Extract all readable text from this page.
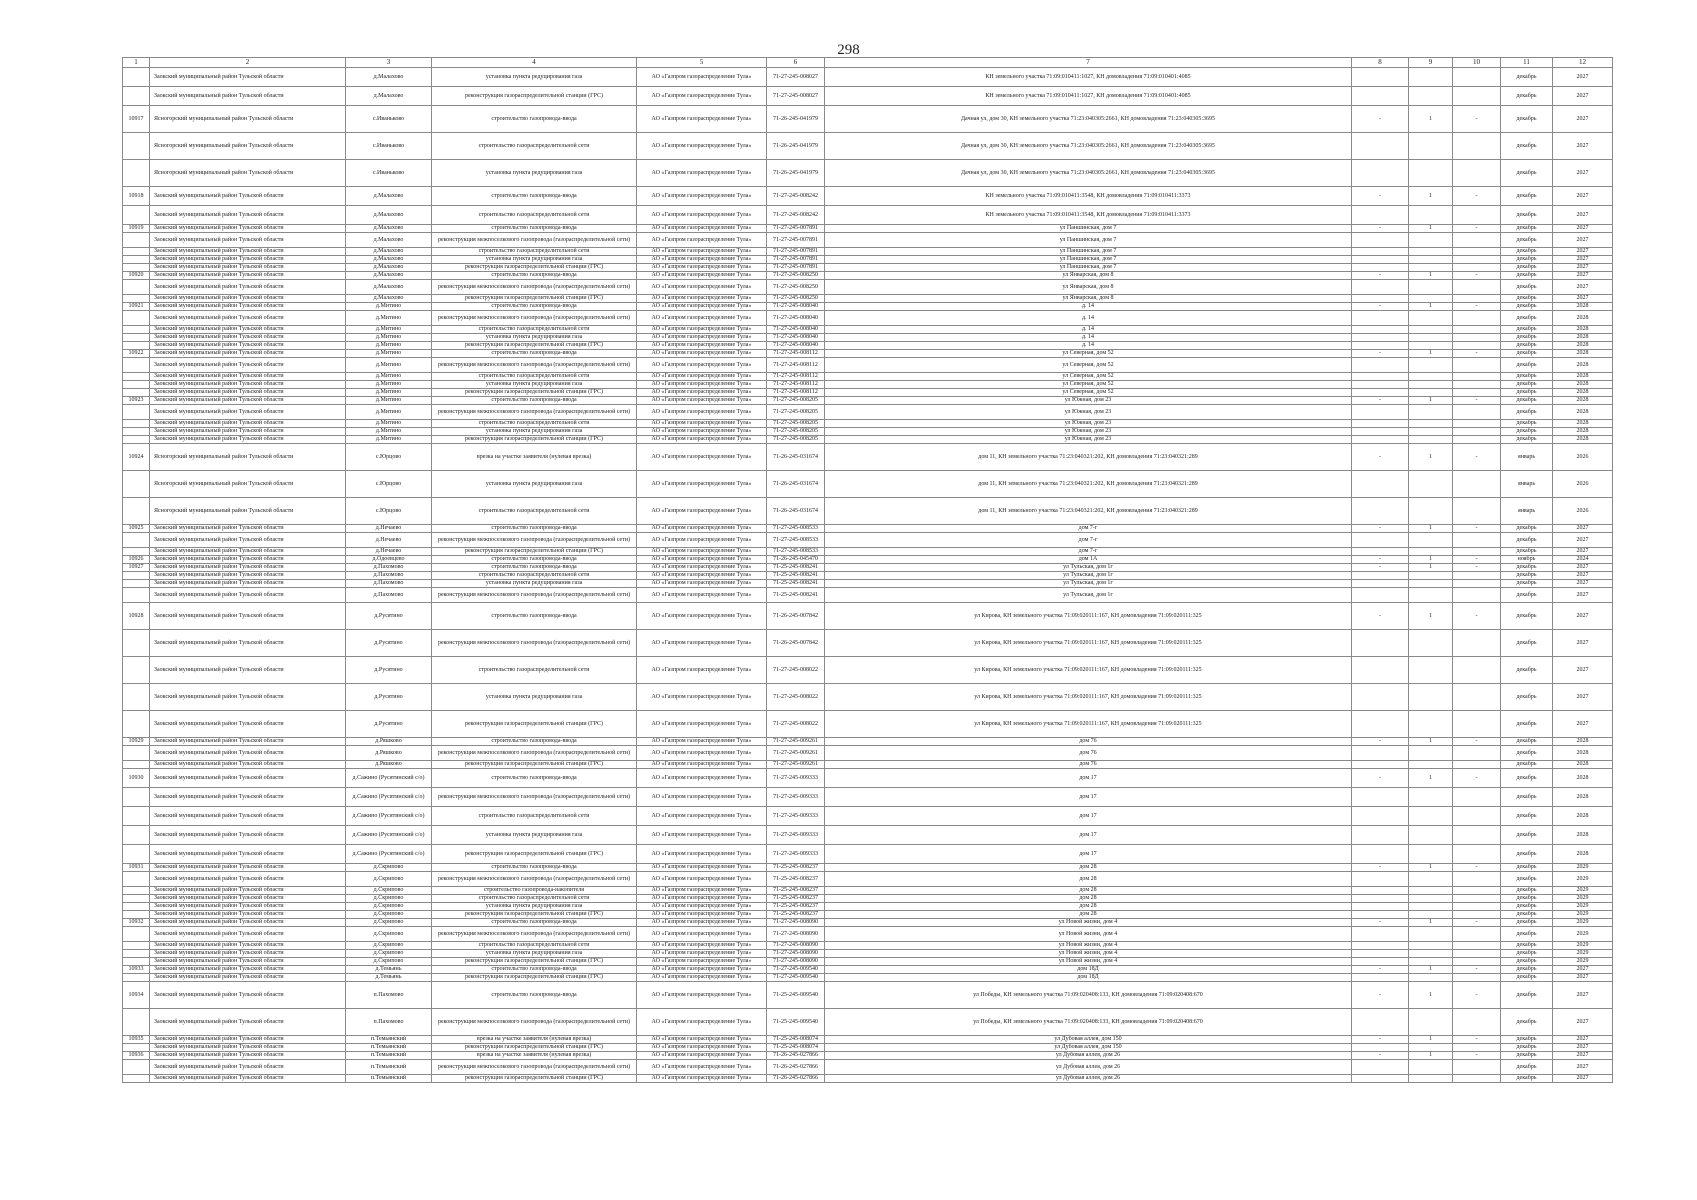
298
1	2	3	4	5	6	7	8	9	10	11	12
	Заокский муниципальный район Тульской области	д.Малахово	установка пункта редуцирования газа	АО «Газпром газораспределение Тула»	71-27-245-008027	КН земельного участка 71:09:010411:1027, КН домовладения 71:09:010401:4085				декабрь	2027
	Заокский муниципальный район Тульской области	д.Малахово	реконструкция газораспределительной станции (ГРС)	АО «Газпром газораспределение Тула»	71-27-245-008027	КН земельного участка 71:09:010411:1027, КН домовладения 71:09:010401:4085				декабрь	2027
10917	Ясногорский муниципальный район Тульской области	с.Иваньково	строительство газопровода-ввода	АО «Газпром газораспределение Тула»	71-26-245-041979	Дачная ул, дом 30, КН земельного участка 71:23:040305:2661, КН домовладения 71:23:040305:3695	-	1	-	декабрь	2027
	Ясногорский муниципальный район Тульской области	с.Иваньково	строительство газораспределительной сети	АО «Газпром газораспределение Тула»	71-26-245-041979	Дачная ул, дом 30, КН земельного участка 71:23:040305:2661, КН домовладения 71:23:040305:3695				декабрь	2027
	Ясногорский муниципальный район Тульской области	с.Иваньково	установка пункта редуцирования газа	АО «Газпром газораспределение Тула»	71-26-245-041979	Дачная ул, дом 30, КН земельного участка 71:23:040305:2661, КН домовладения 71:23:040305:3695				декабрь	2027
10918	Заокский муниципальный район Тульской области	д.Малахово	строительство газопровода-ввода	АО «Газпром газораспределение Тула»	71-27-245-008242	КН земельного участка 71:09:010411:3548, КН домовладения 71:09:010411:3373	-	1	-	декабрь	2027
	Заокский муниципальный район Тульской области	д.Малахово	строительство газораспределительной сети	АО «Газпром газораспределение Тула»	71-27-245-008242	КН земельного участка 71:09:010411:3548, КН домовладения 71:09:010411:3373				декабрь	2027
10919	Заокский муниципальный район Тульской области	д.Малахово	строительство газопровода-ввода	АО «Газпром газораспределение Тула»	71-27-245-007891	ул Паншинская, дом 7	-	1	-	декабрь	2027
	Заокский муниципальный район Тульской области	д.Малахово	реконструкция межпоселкового газопровода (газораспределительной сети)	АО «Газпром газораспределение Тула»	71-27-245-007891	ул Паншинская, дом 7				декабрь	2027
	Заокский муниципальный район Тульской области	д.Малахово	строительство газораспределительной сети	АО «Газпром газораспределение Тула»	71-27-245-007891	ул Паншинская, дом 7				декабрь	2027
	Заокский муниципальный район Тульской области	д.Малахово	установка пункта редуцирования газа	АО «Газпром газораспределение Тула»	71-27-245-007891	ул Паншинская, дом 7				декабрь	2027
	Заокский муниципальный район Тульской области	д.Малахово	реконструкция газораспределительной станции (ГРС)	АО «Газпром газораспределение Тула»	71-27-245-007891	ул Паншинская, дом 7				декабрь	2027
10920	Заокский муниципальный район Тульской области	д.Малахово	строительство газопровода-ввода	АО «Газпром газораспределение Тула»	71-27-245-008250	ул Январская, дом 8	-	1	-	декабрь	2027
	Заокский муниципальный район Тульской области	д.Малахово	реконструкция межпоселкового газопровода (газораспределительной сети)	АО «Газпром газораспределение Тула»	71-27-245-008250	ул Январская, дом 8				декабрь	2027
	Заокский муниципальный район Тульской области	д.Малахово	реконструкция газораспределительной станции (ГРС)	АО «Газпром газораспределение Тула»	71-27-245-008250	ул Январская, дом 8				декабрь	2027
10921	Заокский муниципальный район Тульской области	д.Митино	строительство газопровода-ввода	АО «Газпром газораспределение Тула»	71-27-245-008040	д. 14	-	1	-	декабрь	2028
	Заокский муниципальный район Тульской области	д.Митино	реконструкция межпоселкового газопровода (газораспределительной сети)	АО «Газпром газораспределение Тула»	71-27-245-008040	д. 14				декабрь	2028
	Заокский муниципальный район Тульской области	д.Митино	строительство газораспределительной сети	АО «Газпром газораспределение Тула»	71-27-245-008040	д. 14				декабрь	2028
	Заокский муниципальный район Тульской области	д.Митино	установка пункта редуцирования газа	АО «Газпром газораспределение Тула»	71-27-245-008040	д. 14				декабрь	2028
	Заокский муниципальный район Тульской области	д.Митино	реконструкция газораспределительной станции (ГРС)	АО «Газпром газораспределение Тула»	71-27-245-008040	д. 14				декабрь	2028
10922	Заокский муниципальный район Тульской области	д.Митино	строительство газопровода-ввода	АО «Газпром газораспределение Тула»	71-27-245-008112	ул Северная, дом 52	-	1	-	декабрь	2028
	Заокский муниципальный район Тульской области	д.Митино	реконструкция межпоселкового газопровода (газораспределительной сети)	АО «Газпром газораспределение Тула»	71-27-245-008112	ул Северная, дом 52				декабрь	2028
	Заокский муниципальный район Тульской области	д.Митино	строительство газораспределительной сети	АО «Газпром газораспределение Тула»	71-27-245-008112	ул Северная, дом 52				декабрь	2028
	Заокский муниципальный район Тульской области	д.Митино	установка пункта редуцирования газа	АО «Газпром газораспределение Тула»	71-27-245-008112	ул Северная, дом 52				декабрь	2028
	Заокский муниципальный район Тульской области	д.Митино	реконструкция газораспределительной станции (ГРС)	АО «Газпром газораспределение Тула»	71-27-245-008112	ул Северная, дом 52				декабрь	2028
10923	Заокский муниципальный район Тульской области	д.Митино	строительство газопровода-ввода	АО «Газпром газораспределение Тула»	71-27-245-008205	ул Южная, дом 23	-	1	-	декабрь	2028
	Заокский муниципальный район Тульской области	д.Митино	реконструкция межпоселкового газопровода (газораспределительной сети)	АО «Газпром газораспределение Тула»	71-27-245-008205	ул Южная, дом 23				декабрь	2028
	Заокский муниципальный район Тульской области	д.Митино	строительство газораспределительной сети	АО «Газпром газораспределение Тула»	71-27-245-008205	ул Южная, дом 23				декабрь	2028
	Заокский муниципальный район Тульской области	д.Митино	установка пункта редуцирования газа	АО «Газпром газораспределение Тула»	71-27-245-008205	ул Южная, дом 23				декабрь	2028
	Заокский муниципальный район Тульской области	д.Митино	реконструкция газораспределительной станции (ГРС)	АО «Газпром газораспределение Тула»	71-27-245-008205	ул Южная, дом 23				декабрь	2028
10924	Ясногорский муниципальный район Тульской области	с.Юрцово	врезка на участке заявителя (нулевая врезка)	АО «Газпром газораспределение Тула»	71-26-245-031674	дом 11, КН земельного участка 71:23:040321:202, КН домовладения 71:23:040321:289	-	1	-	январь	2026
	Ясногорский муниципальный район Тульской области	с.Юрцово	установка пункта редуцирования газа	АО «Газпром газораспределение Тула»	71-26-245-031674	дом 11, КН земельного участка 71:23:040321:202, КН домовладения 71:23:040321:289				январь	2026
	Ясногорский муниципальный район Тульской области	с.Юрцово	строительство газораспределительной сети	АО «Газпром газораспределение Тула»	71-26-245-031674	дом 11, КН земельного участка 71:23:040321:202, КН домовладения 71:23:040321:289				январь	2026
10925	Заокский муниципальный район Тульской области	д.Нечаево	строительство газопровода-ввода	АО «Газпром газораспределение Тула»	71-27-245-008533	дом 7-г	-	1	-	декабрь	2027
	Заокский муниципальный район Тульской области	д.Нечаево	реконструкция межпоселкового газопровода (газораспределительной сети)	АО «Газпром газораспределение Тула»	71-27-245-008533	дом 7-г				декабрь	2027
	Заокский муниципальный район Тульской области	д.Нечаево	реконструкция газораспределительной станции (ГРС)	АО «Газпром газораспределение Тула»	71-27-245-008533	дом 7-г				декабрь	2027
10926	Заокский муниципальный район Тульской области	д.Одоевцево	строительство газопровода-ввода	АО «Газпром газораспределение Тула»	71-26-245-045470	дом 1А	-	1	-	ноябрь	2024
10927	Заокский муниципальный район Тульской области	д.Пахомово	строительство газопровода-ввода	АО «Газпром газораспределение Тула»	71-25-245-008241	ул Тульская, дом 1г	-	1	-	декабрь	2027
	Заокский муниципальный район Тульской области	д.Пахомово	строительство газораспределительной сети	АО «Газпром газораспределение Тула»	71-25-245-008241	ул Тульская, дом 1г				декабрь	2027
	Заокский муниципальный район Тульской области	д.Пахомово	установка пункта редуцирования газа	АО «Газпром газораспределение Тула»	71-25-245-008241	ул Тульская, дом 1г				декабрь	2027
	Заокский муниципальный район Тульской области	д.Пахомово	реконструкция межпоселкового газопровода (газораспределительной сети)	АО «Газпром газораспределение Тула»	71-25-245-008241	ул Тульская, дом 1г				декабрь	2027
10928	Заокский муниципальный район Тульской области	д.Русятино	строительство газопровода-ввода	АО «Газпром газораспределение Тула»	71-26-245-007842	ул Кирова, КН земельного участка 71:09:020111:167, КН домовладения 71:09:020111:325	-	1	-	декабрь	2027
	Заокский муниципальный район Тульской области	д.Русятино	реконструкция межпоселкового газопровода (газораспределительной сети)	АО «Газпром газораспределение Тула»	71-26-245-007842	ул Кирова, КН земельного участка 71:09:020111:167, КН домовладения 71:09:020111:325				декабрь	2027
	Заокский муниципальный район Тульской области	д.Русятино	строительство газораспределительной сети	АО «Газпром газораспределение Тула»	71-27-245-008022	ул Кирова, КН земельного участка 71:09:020111:167, КН домовладения 71:09:020111:325				декабрь	2027
	Заокский муниципальный район Тульской области	д.Русятино	установка пункта редуцирования газа	АО «Газпром газораспределение Тула»	71-27-245-008022	ул Кирова, КН земельного участка 71:09:020111:167, КН домовладения 71:09:020111:325				декабрь	2027
	Заокский муниципальный район Тульской области	д.Русятино	реконструкция газораспределительной станции (ГРС)	АО «Газпром газораспределение Тула»	71-27-245-008022	ул Кирова, КН земельного участка 71:09:020111:167, КН домовладения 71:09:020111:325				декабрь	2027
10929	Заокский муниципальный район Тульской области	д.Ряшково	строительство газопровода-ввода	АО «Газпром газораспределение Тула»	71-27-245-009261	дом 76	-	1	-	декабрь	2028
	Заокский муниципальный район Тульской области	д.Ряшково	реконструкция межпоселкового газопровода (газораспределительной сети)	АО «Газпром газораспределение Тула»	71-27-245-009261	дом 76				декабрь	2028
	Заокский муниципальный район Тульской области	д.Ряшково	реконструкция газораспределительной станции (ГРС)	АО «Газпром газораспределение Тула»	71-27-245-009261	дом 76				декабрь	2028
10930	Заокский муниципальный район Тульской области	д.Сажино (Русятинский с/о)	строительство газопровода-ввода	АО «Газпром газораспределение Тула»	71-27-245-009333	дом 17	-	1	-	декабрь	2028
	Заокский муниципальный район Тульской области	д.Сажино (Русятинский с/о)	реконструкция межпоселкового газопровода (газораспределительной сети)	АО «Газпром газораспределение Тула»	71-27-245-009333	дом 17				декабрь	2028
	Заокский муниципальный район Тульской области	д.Сажино (Русятинский с/о)	строительство газораспределительной сети	АО «Газпром газораспределение Тула»	71-27-245-009333	дом 17				декабрь	2028
	Заокский муниципальный район Тульской области	д.Сажино (Русятинский с/о)	установка пункта редуцирования газа	АО «Газпром газораспределение Тула»	71-27-245-009333	дом 17				декабрь	2028
	Заокский муниципальный район Тульской области	д.Сажино (Русятинский с/о)	реконструкция газораспределительной станции (ГРС)	АО «Газпром газораспределение Тула»	71-27-245-009333	дом 17				декабрь	2028
10931	Заокский муниципальный район Тульской области	д.Скрипово	строительство газопровода-ввода	АО «Газпром газораспределение Тула»	71-25-245-008237	дом 28	-	1	-	декабрь	2029
	Заокский муниципальный район Тульской области	д.Скрипово	реконструкция межпоселкового газопровода (газораспределительной сети)	АО «Газпром газораспределение Тула»	71-25-245-008237	дом 28				декабрь	2029
	Заокский муниципальный район Тульской области	д.Скрипово	строительство газопровода-накопителя	АО «Газпром газораспределение Тула»	71-25-245-008237	дом 28				декабрь	2029
	Заокский муниципальный район Тульской области	д.Скрипово	строительство газораспределительной сети	АО «Газпром газораспределение Тула»	71-25-245-008237	дом 28				декабрь	2029
	Заокский муниципальный район Тульской области	д.Скрипово	установка пункта редуцирования газа	АО «Газпром газораспределение Тула»	71-25-245-008237	дом 28				декабрь	2029
	Заокский муниципальный район Тульской области	д.Скрипово	реконструкция газораспределительной станции (ГРС)	АО «Газпром газораспределение Тула»	71-25-245-008237	дом 28				декабрь	2029
10932	Заокский муниципальный район Тульской области	д.Скрипово	строительство газопровода-ввода	АО «Газпром газораспределение Тула»	71-27-245-008090	ул Новой жизни, дом 4	-	1	-	декабрь	2029
	Заокский муниципальный район Тульской области	д.Скрипово	реконструкция межпоселкового газопровода (газораспределительной сети)	АО «Газпром газораспределение Тула»	71-27-245-008090	ул Новой жизни, дом 4				декабрь	2029
	Заокский муниципальный район Тульской области	д.Скрипово	строительство газораспределительной сети	АО «Газпром газораспределение Тула»	71-27-245-008090	ул Новой жизни, дом 4				декабрь	2029
	Заокский муниципальный район Тульской области	д.Скрипово	установка пункта редуцирования газа	АО «Газпром газораспределение Тула»	71-27-245-008090	ул Новой жизни, дом 4				декабрь	2029
	Заокский муниципальный район Тульской области	д.Скрипово	реконструкция газораспределительной станции (ГРС)	АО «Газпром газораспределение Тула»	71-27-245-008090	ул Новой жизни, дом 4				декабрь	2029
10933	Заокский муниципальный район Тульской области	д.Темьянь	строительство газопровода-ввода	АО «Газпром газораспределение Тула»	71-27-245-009540	дом 18Д	-	1	-	декабрь	2027
	Заокский муниципальный район Тульской области	д.Темьянь	реконструкция газораспределительной станции (ГРС)	АО «Газпром газораспределение Тула»	71-27-245-009540	дом 18Д				декабрь	2027
10934	Заокский муниципальный район Тульской области	п.Пахомово	строительство газопровода-ввода	АО «Газпром газораспределение Тула»	71-25-245-009540	ул Победы, КН земельного участка 71:09:020408:133, КН домовладения 71:09:020408:670	-	1	-	декабрь	2027
	Заокский муниципальный район Тульской области	п.Пахомово	реконструкция межпоселкового газопровода (газораспределительной сети)	АО «Газпром газораспределение Тула»	71-25-245-009540	ул Победы, КН земельного участка 71:09:020408:133, КН домовладения 71:09:020408:670				декабрь	2027
10935	Заокский муниципальный район Тульской области	п.Темьянский	врезка на участке заявителя (нулевая врезка)	АО «Газпром газораспределение Тула»	71-25-245-008074	ул Дубовая аллея, дом 150	-	1	-	декабрь	2027
	Заокский муниципальный район Тульской области	п.Темьянский	реконструкция газораспределительной станции (ГРС)	АО «Газпром газораспределение Тула»	71-25-245-008074	ул Дубовая аллея, дом 150				декабрь	2027
10936	Заокский муниципальный район Тульской области	п.Темьянский	врезка на участке заявителя (нулевая врезка)	АО «Газпром газораспределение Тула»	71-26-245-027866	ул Дубовая аллея, дом 26	-	1	-	декабрь	2027
	Заокский муниципальный район Тульской области	п.Темьянский	реконструкция межпоселкового газопровода (газораспределительной сети)	АО «Газпром газораспределение Тула»	71-26-245-027866	ул Дубовая аллея, дом 26				декабрь	2027
	Заокский муниципальный район Тульской области	п.Темьянский	реконструкция газораспределительной станции (ГРС)	АО «Газпром газораспределение Тула»	71-26-245-027866	ул Дубовая аллея, дом 26				декабрь	2027
